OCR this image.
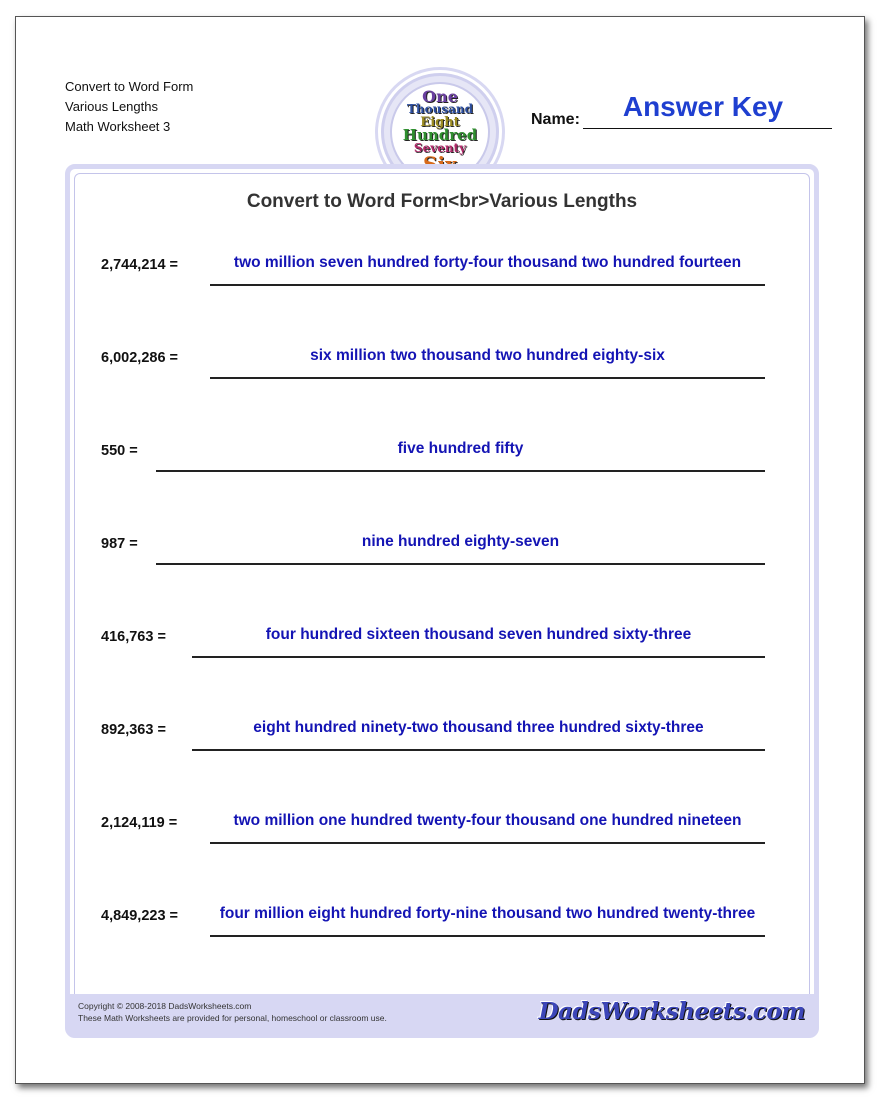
Convert to Word Form
Various Lengths
Math Worksheet 3
One
Thousand
Eight
Hundred
Seventy
Name:	Answer Key
Convert to Word Form<br>Various Lengths
2,744,214 =	two million seven hundred forty-four thousand two hundred fourteen
6,002,286 =	six million two thousand two hundred eighty-six
550 =	five hundred fifty
987 =	nine hundred eighty-seven
416,763 =	four hundred sixteen thousand seven hundred sixty-three
892,363 =	eight hundred ninety-two thousand three hundred sixty-three
2,124,119 =	two million one hundred twenty-four thousand one hundred nineteen
4,849,223 =	four million eight hundred forty-nine thousand two hundred twenty-three
Copyright © 2008-2018 DadsWorksheets.com
These Math Worksheets are provided for personal, homeschool or classroom use.	DadsWorksheets.com
